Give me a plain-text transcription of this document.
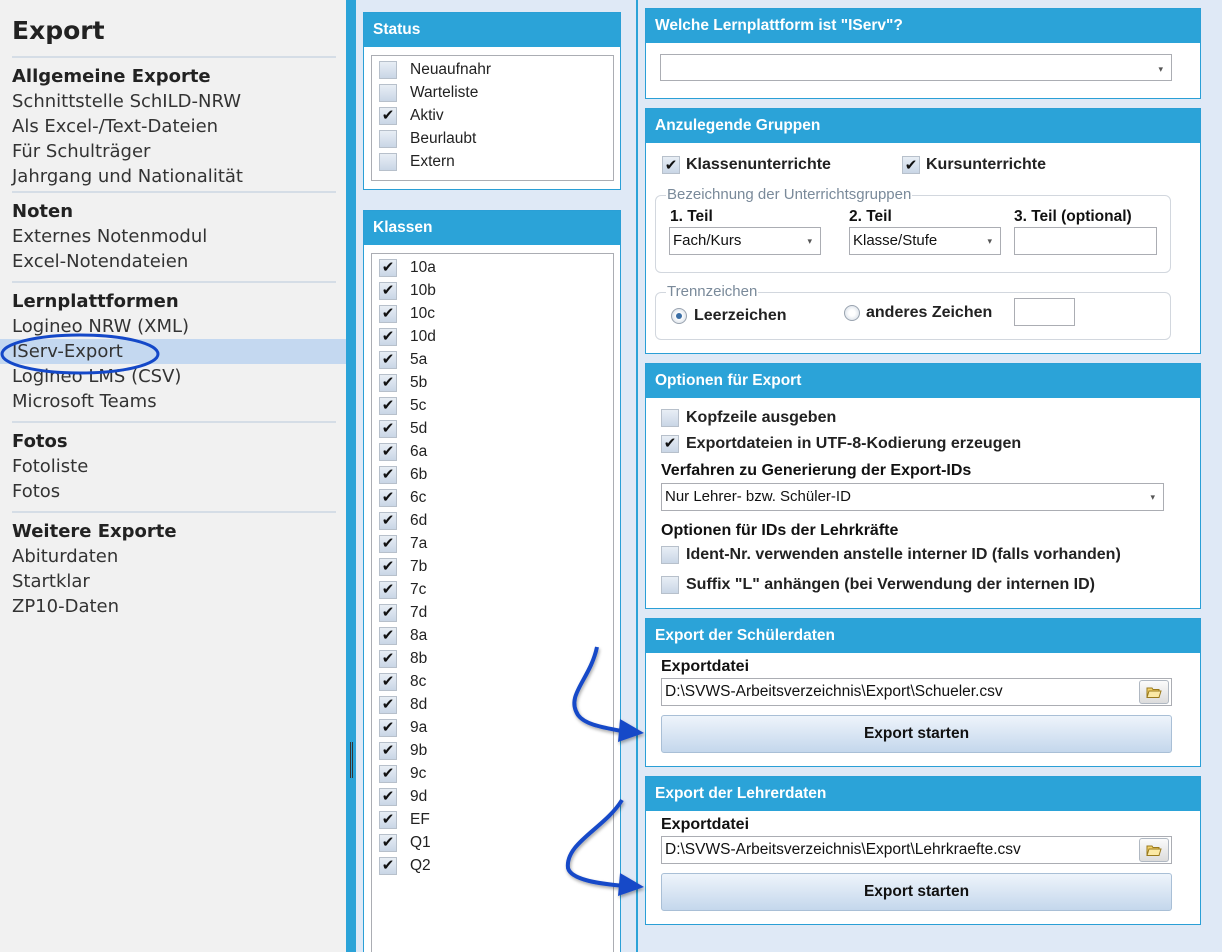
Export
Allgemeine Exporte
Schnittstelle SchILD-NRW
Als Excel-/Text-Dateien
Für Schulträger
Jahrgang und Nationalität
Noten
Externes Notenmodul
Excel-Notendateien
Lernplattformen
Logineo NRW (XML)
IServ-Export
Logineo LMS (CSV)
Microsoft Teams
Fotos
Fotoliste
Fotos
Weitere Exporte
Abiturdaten
Startklar
ZP10-Daten
Status
Neuaufnahr
Warteliste
✔ Aktiv
Beurlaubt
Extern
Klassen
✔ 10a
✔ 10b
✔ 10c
✔ 10d
✔ 5a
✔ 5b
✔ 5c
✔ 5d
✔ 6a
✔ 6b
✔ 6c
✔ 6d
✔ 7a
✔ 7b
✔ 7c
✔ 7d
✔ 8a
✔ 8b
✔ 8c
✔ 8d
✔ 9a
✔ 9b
✔ 9c
✔ 9d
✔ EF
✔ Q1
✔ Q2
Welche Lernplattform ist "IServ"?
▾
Anzulegende Gruppen
✔ Klassenunterrichte	✔ Kursunterrichte
Bezeichnung der Unterrichtsgruppen
1. Teil	2. Teil	3. Teil (optional)
Fach/Kurs	▾	Klasse/Stufe	▾
Trennzeichen
Leerzeichen	anderes Zeichen
Optionen für Export
Kopfzeile ausgeben
✔ Exportdateien in UTF-8-Kodierung erzeugen
Verfahren zu Generierung der Export-IDs
Nur Lehrer- bzw. Schüler-ID	▾
Optionen für IDs der Lehrkräfte
Ident-Nr. verwenden anstelle interner ID (falls vorhanden)
Suffix "L" anhängen (bei Verwendung der internen ID)
Export der Schülerdaten
Exportdatei
D:\SVWS-Arbeitsverzeichnis\Export\Schueler.csv
Export starten
Export der Lehrerdaten
Exportdatei
D:\SVWS-Arbeitsverzeichnis\Export\Lehrkraefte.csv
Export starten
